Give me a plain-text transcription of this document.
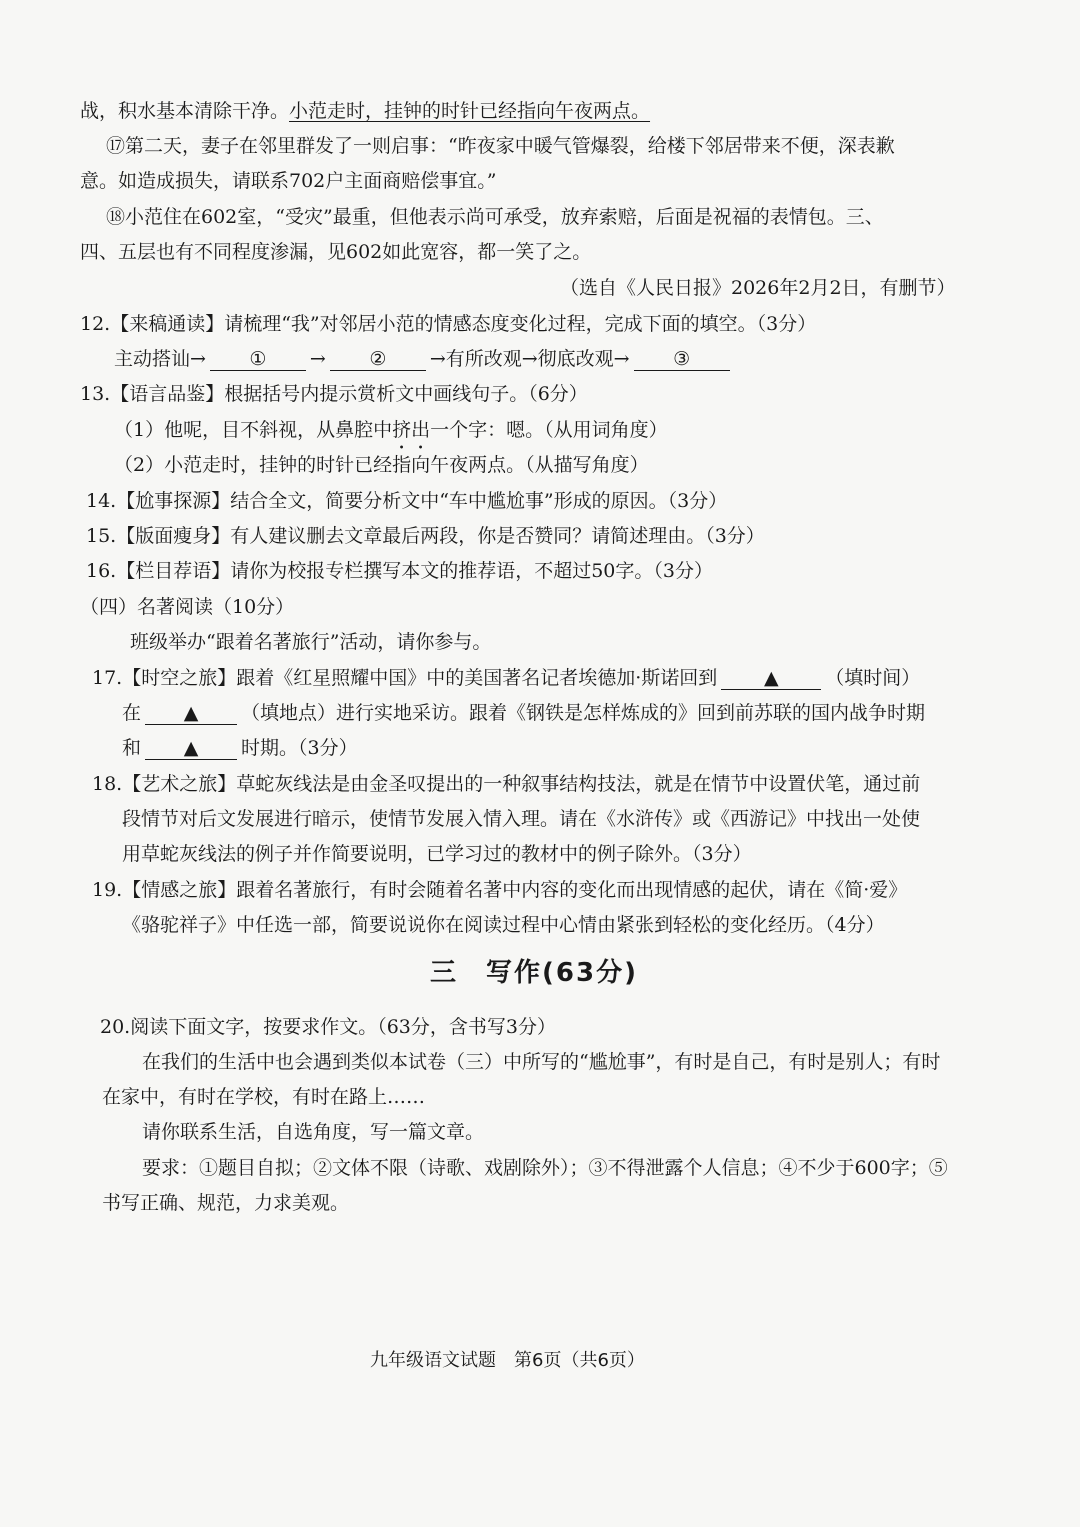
战，积水基本清除干净。小范走时，挂钟的时针已经指向午夜两点。
⑰第二天，妻子在邻里群发了一则启事：“昨夜家中暖气管爆裂，给楼下邻居带来不便，深表歉
意。如造成损失，请联系702户主面商赔偿事宜。”
⑱小范住在602室，“受灾”最重，但他表示尚可承受，放弃索赔，后面是祝福的表情包。三、
四、五层也有不同程度渗漏，见602如此宽容，都一笑了之。
（选自《人民日报》2026年2月2日，有删节）
12.【来稿通读】请梳理“我”对邻居小范的情感态度变化过程，完成下面的填空。（3分）
主动搭讪→ ① → ② →有所改观→彻底改观→ ③
13.【语言品鉴】根据括号内提示赏析文中画线句子。（6分）
（1）他呢，目不斜视，从鼻腔中挤出一个字：嗯。（从用词角度）
（2）小范走时，挂钟的时针已经指向午夜两点。（从描写角度）
14.【尬事探源】结合全文，简要分析文中“车中尴尬事”形成的原因。（3分）
15.【版面瘦身】有人建议删去文章最后两段，你是否赞同？请简述理由。（3分）
16.【栏目荐语】请你为校报专栏撰写本文的推荐语，不超过50字。（3分）
（四）名著阅读（10分）
班级举办“跟着名著旅行”活动，请你参与。
17.【时空之旅】跟着《红星照耀中国》中的美国著名记者埃德加·斯诺回到 ▲ （填时间）
在 ▲ （填地点）进行实地采访。跟着《钢铁是怎样炼成的》回到前苏联的国内战争时期
和 ▲ 时期。（3分）
18.【艺术之旅】草蛇灰线法是由金圣叹提出的一种叙事结构技法，就是在情节中设置伏笔，通过前
段情节对后文发展进行暗示，使情节发展入情入理。请在《水浒传》或《西游记》中找出一处使
用草蛇灰线法的例子并作简要说明，已学习过的教材中的例子除外。（3分）
19.【情感之旅】跟着名著旅行，有时会随着名著中内容的变化而出现情感的起伏，请在《简·爱》
《骆驼祥子》中任选一部，简要说说你在阅读过程中心情由紧张到轻松的变化经历。（4分）
三　写作(63分)
20.阅读下面文字，按要求作文。（63分，含书写3分）
在我们的生活中也会遇到类似本试卷（三）中所写的“尴尬事”，有时是自己，有时是别人；有时
在家中，有时在学校，有时在路上……
请你联系生活，自选角度，写一篇文章。
要求：①题目自拟；②文体不限（诗歌、戏剧除外）；③不得泄露个人信息；④不少于600字；⑤
书写正确、规范，力求美观。
九年级语文试题　第6页（共6页）
